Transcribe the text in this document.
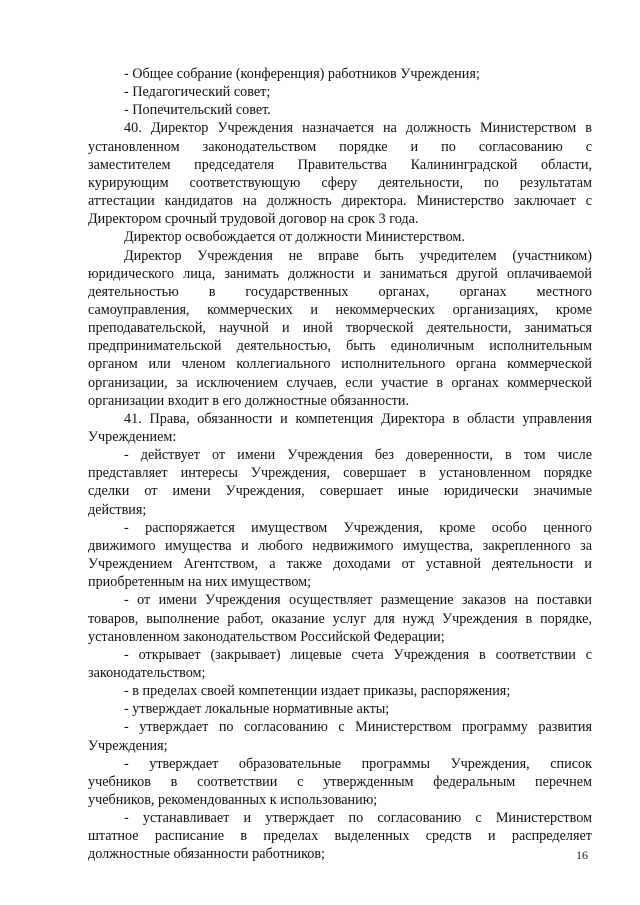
- Общее собрание (конференция) работников Учреждения;
- Педагогический совет;
- Попечительский совет.
40. Директор Учреждения назначается на должность Министерством в
установленном законодательством порядке и по согласованию с
заместителем председателя Правительства Калининградской области,
курирующим соответствующую сферу деятельности, по результатам
аттестации кандидатов на должность директора. Министерство заключает с
Директором срочный трудовой договор на срок 3 года.
Директор освобождается от должности Министерством.
Директор Учреждения не вправе быть учредителем (участником)
юридического лица, занимать должности и заниматься другой оплачиваемой
деятельностью в государственных органах, органах местного
самоуправления, коммерческих и некоммерческих организациях, кроме
преподавательской, научной и иной творческой деятельности, заниматься
предпринимательской деятельностью, быть единоличным исполнительным
органом или членом коллегиального исполнительного органа коммерческой
организации, за исключением случаев, если участие в органах коммерческой
организации входит в его должностные обязанности.
41. Права, обязанности и компетенция Директора в области управления
Учреждением:
- действует от имени Учреждения без доверенности, в том числе
представляет интересы Учреждения, совершает в установленном порядке
сделки от имени Учреждения, совершает иные юридически значимые
действия;
- распоряжается имуществом Учреждения, кроме особо ценного
движимого имущества и любого недвижимого имущества, закрепленного за
Учреждением Агентством, а также доходами от уставной деятельности и
приобретенным на них имуществом;
- от имени Учреждения осуществляет размещение заказов на поставки
товаров, выполнение работ, оказание услуг для нужд Учреждения в порядке,
установленном законодательством Российской Федерации;
- открывает (закрывает) лицевые счета Учреждения в соответствии с
законодательством;
- в пределах своей компетенции издает приказы, распоряжения;
- утверждает локальные нормативные акты;
- утверждает по согласованию с Министерством программу развития
Учреждения;
- утверждает образовательные программы Учреждения, список
учебников в соответствии с утвержденным федеральным перечнем
учебников, рекомендованных к использованию;
- устанавливает и утверждает по согласованию с Министерством
штатное расписание в пределах выделенных средств и распределяет
должностные обязанности работников;	16
